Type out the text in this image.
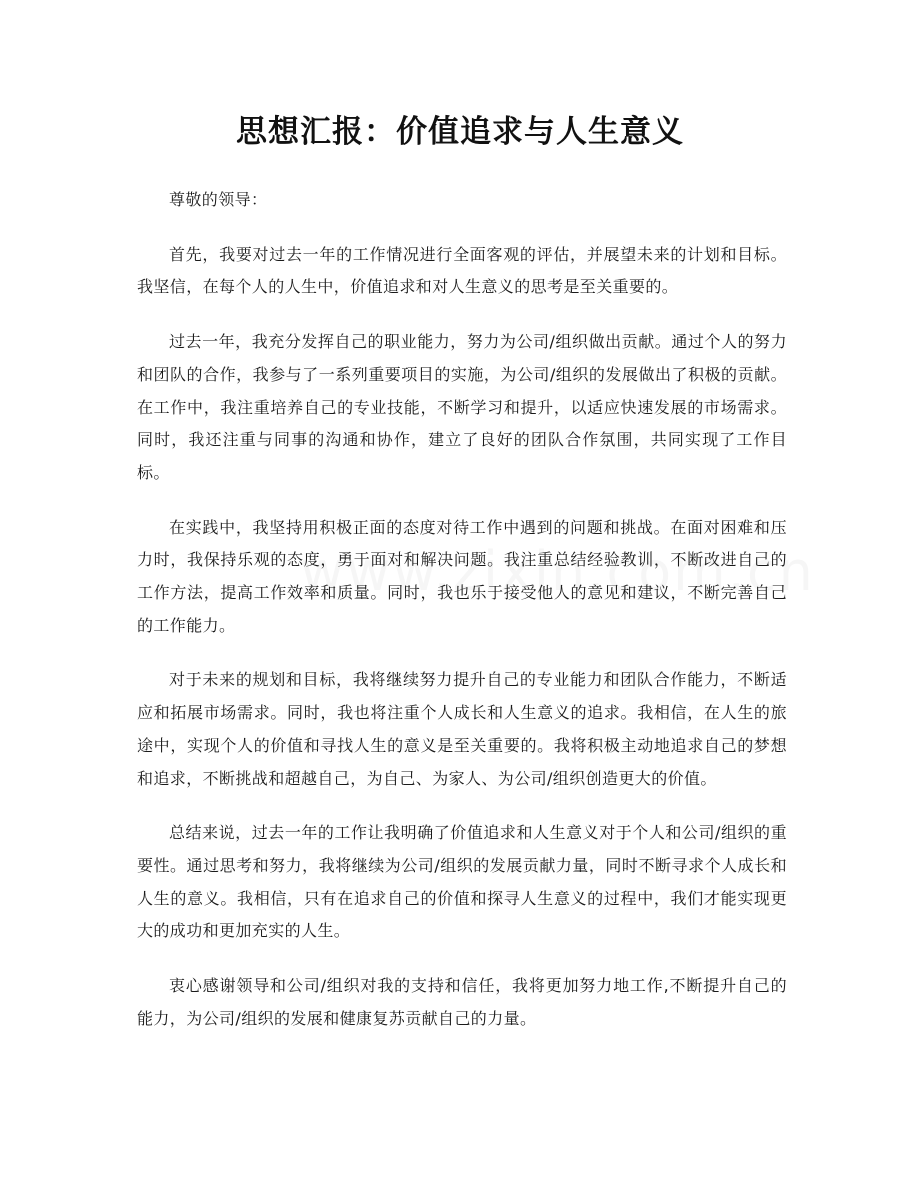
思想汇报：价值追求与人生意义

尊敬的领导：

首先，我要对过去一年的工作情况进行全面客观的评估，并展望未来的计划和目标。我坚信，在每个人的人生中，价值追求和对人生意义的思考是至关重要的。

过去一年，我充分发挥自己的职业能力，努力为公司/组织做出贡献。通过个人的努力和团队的合作，我参与了一系列重要项目的实施，为公司/组织的发展做出了积极的贡献。在工作中，我注重培养自己的专业技能，不断学习和提升，以适应快速发展的市场需求。同时，我还注重与同事的沟通和协作，建立了良好的团队合作氛围，共同实现了工作目标。

在实践中，我坚持用积极正面的态度对待工作中遇到的问题和挑战。在面对困难和压力时，我保持乐观的态度，勇于面对和解决问题。我注重总结经验教训，不断改进自己的工作方法，提高工作效率和质量。同时，我也乐于接受他人的意见和建议，不断完善自己的工作能力。

对于未来的规划和目标，我将继续努力提升自己的专业能力和团队合作能力，不断适应和拓展市场需求。同时，我也将注重个人成长和人生意义的追求。我相信，在人生的旅途中，实现个人的价值和寻找人生的意义是至关重要的。我将积极主动地追求自己的梦想和追求，不断挑战和超越自己，为自己、为家人、为公司/组织创造更大的价值。

总结来说，过去一年的工作让我明确了价值追求和人生意义对于个人和公司/组织的重要性。通过思考和努力，我将继续为公司/组织的发展贡献力量，同时不断寻求个人成长和人生的意义。我相信，只有在追求自己的价值和探寻人生意义的过程中，我们才能实现更大的成功和更加充实的人生。

衷心感谢领导和公司/组织对我的支持和信任，我将更加努力地工作,不断提升自己的能力，为公司/组织的发展和健康复苏贡献自己的力量。
